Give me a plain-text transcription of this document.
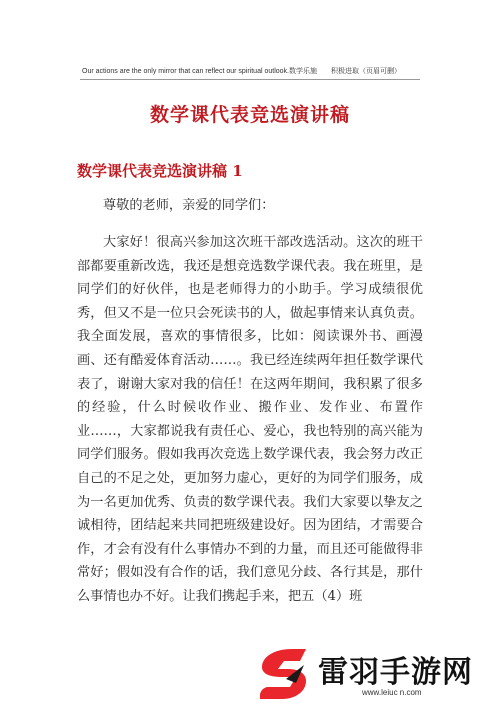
Our actions are the only mirror that can reflect our spiritual outlook.数学乐施　　积极进取（页眉可删）
数学课代表竞选演讲稿
数学课代表竞选演讲稿 1
尊敬的老师，亲爱的同学们：
大家好！很高兴参加这次班干部改选活动。这次的班干部都要重新改选，我还是想竞选数学课代表。我在班里，是同学们的好伙伴，也是老师得力的小助手。学习成绩很优秀，但又不是一位只会死读书的人，做起事情来认真负责。我全面发展，喜欢的事情很多，比如：阅读课外书、画漫画、还有酷爱体育活动……。我已经连续两年担任数学课代表了，谢谢大家对我的信任！在这两年期间，我积累了很多的经验，什么时候收作业、搬作业、发作业、布置作业……，大家都说我有责任心、爱心，我也特别的高兴能为同学们服务。假如我再次竞选上数学课代表，我会努力改正自己的不足之处，更加努力虚心，更好的为同学们服务，成为一名更加优秀、负责的数学课代表。我们大家要以挚友之诚相待，团结起来共同把班级建设好。因为团结，才需要合作，才会有没有什么事情办不到的力量，而且还可能做得非常好；假如没有合作的话，我们意见分歧、各行其是，那什么事情也办不好。让我们携起手来，把五（4）班
雷羽手游网
www.leiuc n.com
